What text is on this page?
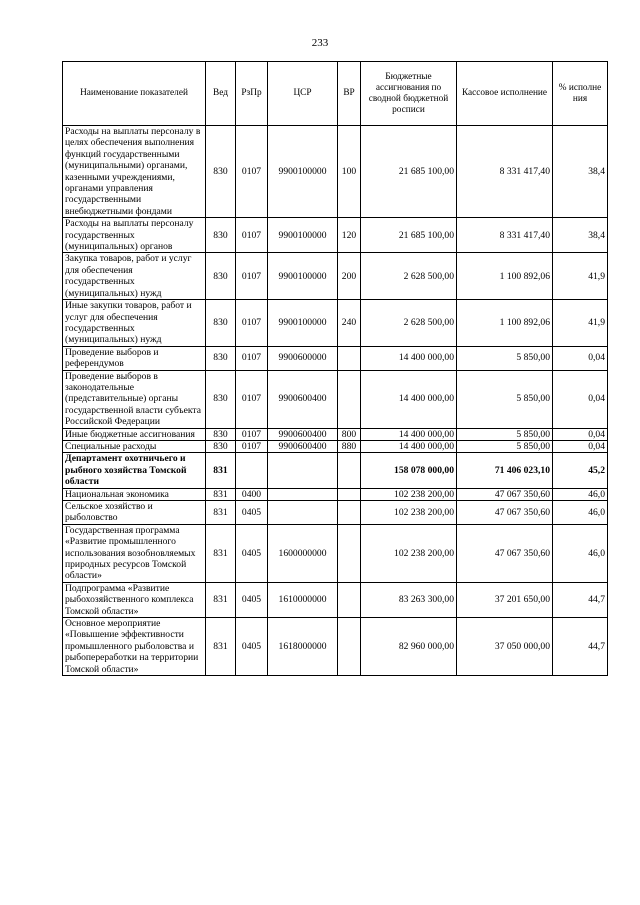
233
Наименование показателей	Вед	РзПр	ЦСР	ВР	Бюджетные ассигнования по сводной бюджетной росписи	Кассовое исполнение	% исполне ния
Расходы на выплаты персоналу в целях обеспечения выполнения функций государственными (муниципальными) органами, казенными учреждениями, органами управления государственными внебюджетными фондами	830	0107	9900100000	100	21 685 100,00	8 331 417,40	38,4
Расходы на выплаты персоналу государственных (муниципальных) органов	830	0107	9900100000	120	21 685 100,00	8 331 417,40	38,4
Закупка товаров, работ и услуг для обеспечения государственных (муниципальных) нужд	830	0107	9900100000	200	2 628 500,00	1 100 892,06	41,9
Иные закупки товаров, работ и услуг для обеспечения государственных (муниципальных) нужд	830	0107	9900100000	240	2 628 500,00	1 100 892,06	41,9
Проведение выборов и референдумов	830	0107	9900600000		14 400 000,00	5 850,00	0,04
Проведение выборов в законодательные (представительные) органы государственной власти субъекта Российской Федерации	830	0107	9900600400		14 400 000,00	5 850,00	0,04
Иные бюджетные ассигнования	830	0107	9900600400	800	14 400 000,00	5 850,00	0,04
Специальные расходы	830	0107	9900600400	880	14 400 000,00	5 850,00	0,04
Департамент охотничьего и рыбного хозяйства Томской области	831				158 078 000,00	71 406 023,10	45,2
Национальная экономика	831	0400			102 238 200,00	47 067 350,60	46,0
Сельское хозяйство и рыболовство	831	0405			102 238 200,00	47 067 350,60	46,0
Государственная программа «Развитие промышленного использования возобновляемых природных ресурсов Томской области»	831	0405	1600000000		102 238 200,00	47 067 350,60	46,0
Подпрограмма «Развитие рыбохозяйственного комплекса Томской области»	831	0405	1610000000		83 263 300,00	37 201 650,00	44,7
Основное мероприятие «Повышение эффективности промышленного рыболовства и рыбопереработки на территории Томской области»	831	0405	1618000000		82 960 000,00	37 050 000,00	44,7
